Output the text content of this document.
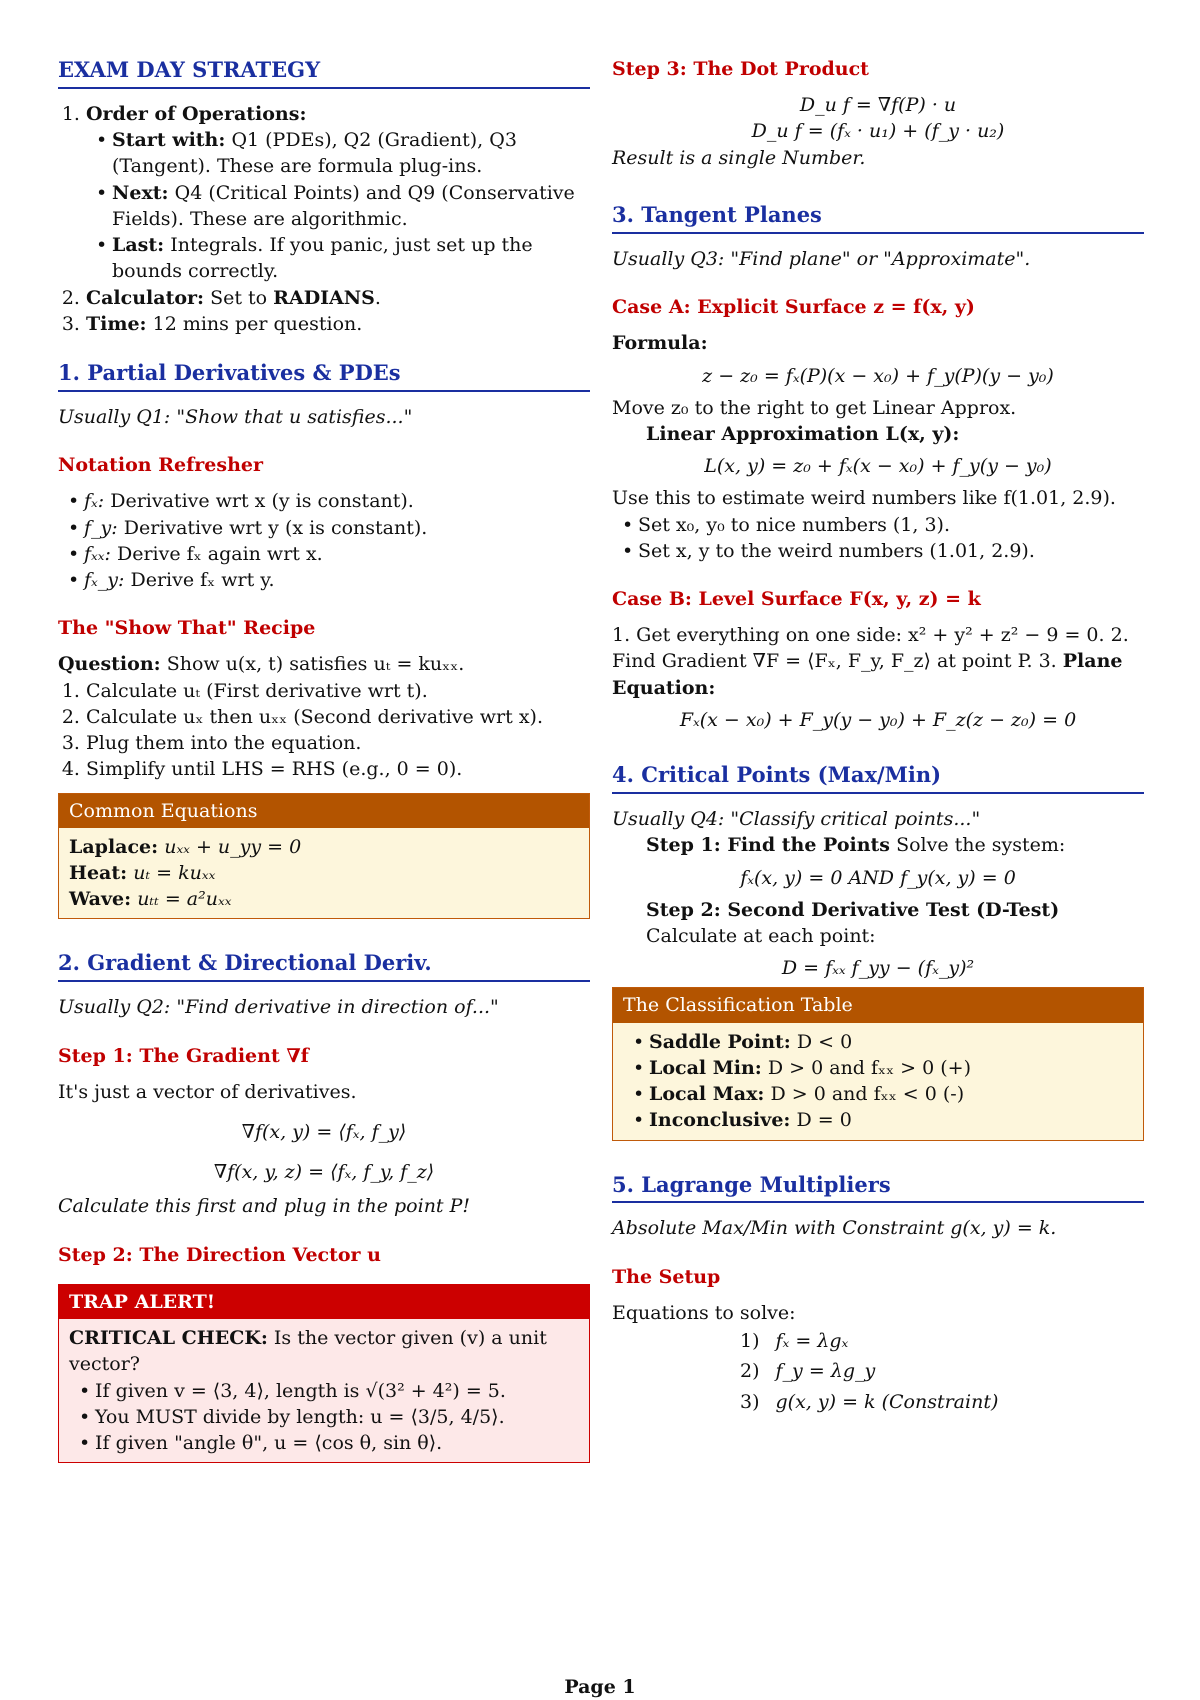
EXAM DAY STRATEGY
1. Order of Operations:
• Start with: Q1 (PDEs), Q2 (Gradient), Q3 (Tangent). These are formula plug-ins.
• Next: Q4 (Critical Points) and Q9 (Conservative Fields). These are algorithmic.
• Last: Integrals. If you panic, just set up the bounds correctly.
2. Calculator: Set to RADIANS.
3. Time: 12 mins per question.
1. Partial Derivatives & PDEs
Usually Q1: "Show that u satisfies..."
Notation Refresher
• fₓ: Derivative wrt x (y is constant).
• f_y: Derivative wrt y (x is constant).
• fₓₓ: Derive fₓ again wrt x.
• fₓ_y: Derive fₓ wrt y.
The "Show That" Recipe
Question: Show u(x, t) satisfies uₜ = kuₓₓ.
1. Calculate uₜ (First derivative wrt t).
2. Calculate uₓ then uₓₓ (Second derivative wrt x).
3. Plug them into the equation.
4. Simplify until LHS = RHS (e.g., 0 = 0).
Common Equations
Laplace: uₓₓ + u_yy = 0
Heat: uₜ = kuₓₓ
Wave: uₜₜ = a²uₓₓ
2. Gradient & Directional Deriv.
Usually Q2: "Find derivative in direction of..."
Step 1: The Gradient ∇f
It's just a vector of derivatives.
∇f(x, y) = ⟨fₓ, f_y⟩
∇f(x, y, z) = ⟨fₓ, f_y, f_z⟩
Calculate this first and plug in the point P!
Step 2: The Direction Vector u
TRAP ALERT!
CRITICAL CHECK: Is the vector given (v) a unit vector?
• If given v = ⟨3, 4⟩, length is √(3² + 4²) = 5.
• You MUST divide by length: u = ⟨3/5, 4/5⟩.
• If given "angle θ", u = ⟨cos θ, sin θ⟩.
Step 3: The Dot Product
D_u f = ∇f(P) · u
D_u f = (fₓ · u₁) + (f_y · u₂)
Result is a single Number.
3. Tangent Planes
Usually Q3: "Find plane" or "Approximate".
Case A: Explicit Surface z = f(x, y)
Formula:
z − z₀ = fₓ(P)(x − x₀) + f_y(P)(y − y₀)
Move z₀ to the right to get Linear Approx.
Linear Approximation L(x, y):
L(x, y) = z₀ + fₓ(x − x₀) + f_y(y − y₀)
Use this to estimate weird numbers like f(1.01, 2.9).
• Set x₀, y₀ to nice numbers (1, 3).
• Set x, y to the weird numbers (1.01, 2.9).
Case B: Level Surface F(x, y, z) = k
1. Get everything on one side: x² + y² + z² − 9 = 0. 2. Find Gradient ∇F = ⟨Fₓ, F_y, F_z⟩ at point P. 3. Plane Equation:
Fₓ(x − x₀) + F_y(y − y₀) + F_z(z − z₀) = 0
4. Critical Points (Max/Min)
Usually Q4: "Classify critical points..."
Step 1: Find the Points Solve the system:
fₓ(x, y) = 0 AND f_y(x, y) = 0
Step 2: Second Derivative Test (D-Test) Calculate at each point:
D = fₓₓ f_yy − (fₓ_y)²
The Classification Table
• Saddle Point: D < 0
• Local Min: D > 0 and fₓₓ > 0 (+)
• Local Max: D > 0 and fₓₓ < 0 (-)
• Inconclusive: D = 0
5. Lagrange Multipliers
Absolute Max/Min with Constraint g(x, y) = k.
The Setup
Equations to solve:
1)	fₓ = λgₓ
2)	f_y = λg_y
3)	g(x, y) = k (Constraint)
Page 1
